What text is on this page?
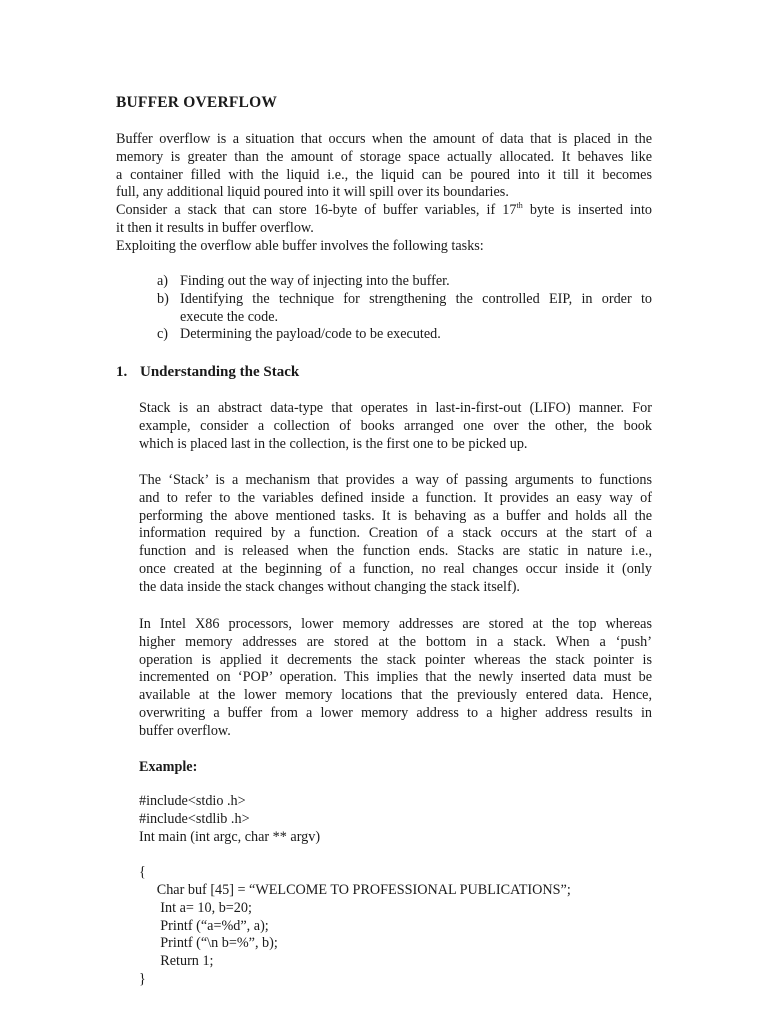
BUFFER OVERFLOW
Buffer overflow is a situation that occurs when the amount of data that is placed in the
memory is greater than the amount of storage space actually allocated. It behaves like
a container filled with the liquid i.e., the liquid can be poured into it till it becomes
full, any additional liquid poured into it will spill over its boundaries.
Consider a stack that can store 16-byte of buffer variables, if 17th byte is inserted into
it then it results in buffer overflow.
Exploiting the overflow able buffer involves the following tasks:
a) Finding out the way of injecting into the buffer.
b) Identifying the technique for strengthening the controlled EIP, in order to
execute the code.
c) Determining the payload/code to be executed.
1. Understanding the Stack
Stack is an abstract data-type that operates in last-in-first-out (LIFO) manner. For
example, consider a collection of books arranged one over the other, the book
which is placed last in the collection, is the first one to be picked up.
The ‘Stack’ is a mechanism that provides a way of passing arguments to functions
and to refer to the variables defined inside a function. It provides an easy way of
performing the above mentioned tasks. It is behaving as a buffer and holds all the
information required by a function. Creation of a stack occurs at the start of a
function and is released when the function ends. Stacks are static in nature i.e.,
once created at the beginning of a function, no real changes occur inside it (only
the data inside the stack changes without changing the stack itself).
In Intel X86 processors, lower memory addresses are stored at the top whereas
higher memory addresses are stored at the bottom in a stack. When a ‘push’
operation is applied it decrements the stack pointer whereas the stack pointer is
incremented on ‘POP’ operation. This implies that the newly inserted data must be
available at the lower memory locations that the previously entered data. Hence,
overwriting a buffer from a lower memory address to a higher address results in
buffer overflow.
Example:
#include<stdio .h>
#include<stdlib .h>
Int main (int argc, char ** argv)
{
Char buf [45] = “WELCOME TO PROFESSIONAL PUBLICATIONS”;
Int a= 10, b=20;
Printf (“a=%d”, a);
Printf (“\n b=%”, b);
Return 1;
}
